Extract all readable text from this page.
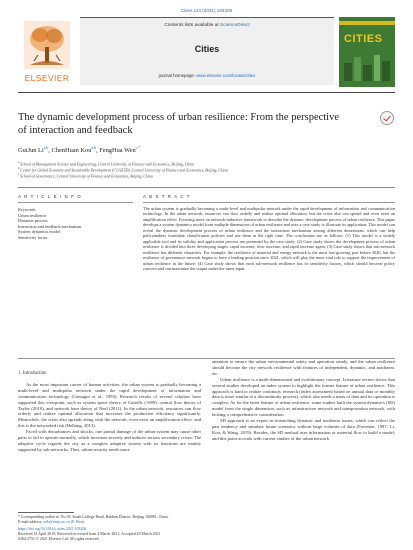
Cities 114 (2021) 103206
ELSEVIER
Contents lists available at ScienceDirect
Cities
journal homepage: www.elsevier.com/locate/cities
CITIES
The dynamic development process of urban resilience: From the perspective of interaction and feedback
GuiJun Li$^{a,b}$, ChenHuan Kou$^{a,b}$, FengHua Wen$^{c,*}$
$^a$ School of Management Science and Engineering, Central University of Finance and Economics, Beijing, China
$^b$ Center for Global Economy and Sustainable Development (CCGESD), Central University of Finance and Economics, Beijing, China
$^c$ School of Governance, Central University of Finance and Economics, Beijing, China
A R T I C L E I N F O	A B S T R A C T
Keywords:
Urban resilience
Dynamic process
Interaction and feedback mechanism
System dynamics model
Sensitivity factor
The urban system is gradually becoming a multi-level and multipolar network under the rapid development of information and communication technology. In the urban network, resources can flow orderly and realize optimal allocation, but the crisis also can spread and even exert an amplification effect. Focusing more on network-inductive framework to describe the dynamic development process of urban resilience. This paper develops a system dynamics model from multiple dimensions of urban resilience and uses a case study to illustrate its application. This model can reveal the dynamic development process of urban resilience and the interaction mechanism among different dimensions, which can help policymakers formulate classification policies and use them at the right time. The conclusions are as follows: (1) This model is a widely applicable tool and its validity and application process are presented by the case study; (2) Case study shows the development process of urban resilience is divided into three developing stages: rapid increase, slow increase, and rapid increase again; (3) Case study shows that sub-network resilience has different characters. For example, the resilience of material and energy network is the most fast-growing part before 2020, but the resilience of governance network begins to have a leading position since 2021, which will play the most vital role to support the improvement of urban resilience in the future; (4) Case study shows that each sub-network resilience has its sensitivity factors, which should become policy concern and can maximize the output under the same input.
1. Introduction

As the most important carrier of human activities, the urban system is gradually becoming a multi-level and multipolar network under the rapid development of information and communication technology (Camagni et al., 1993). Research results of several scholars have supported this viewpoint, such as system space theory of Castells (1989), central flow theory of Taylor (2010), and network base theory of Neal (2011). In the urban network, resources can flow orderly and realize optimal allocation that increases the production efficiency significantly. Meanwhile, the crisis also spreads along with the network, even exert an amplification effect, and this is the networked risk (Helbing, 2013).

Faced with disturbances and shocks, one partial damage of the urban system may cause other parts to fail to operate normally, which increases severity and induces serious secondary crises. The adaptive cycle regards the city as a complex adaptive system with its functions are mainly supported by sub-networks. Thus, urban security needs more

attention to ensure the urban environmental safety and operation steady, and the urban resilience should become the city network resilience with features of independent, dynamic, and nonlinear, etc.

Urban resilience is a multi-dimensional and evolutionary concept. Literature review shows that several studies developed an index system to highlight the former feature of urban resilience. This approach is hard to realize continuity research (index assessment based on annual data or monthly data is more similar to a discontinuity process), which also needs a mass of data and its operation is complex; As for the latter feature of urban resilience, some studies built the system dynamics (SD) model from the single dimension, such as infrastructure network and transportation network, with lacking a comprehensive consideration.

SD approach is an expert in researching dynamic and nonlinear issues, which can reflect the past tendency and simulate future scenarios without large volumes of data (Forrester, 1987; Li, Kou, & Wang, 2019). Besides, the SD method uses information or material flow to build a model, and this point accords with current studies of the urban network

* Corresponding author at: No 39, South College Road, Haidian District, Beijing 100081, China.
E-mail address: wfh@amss.ac.cn (F. Wen).
https://doi.org/10.1016/j.cities.2021.103206
Received 14 April 2019; Received in revised form 4 March 2021; Accepted 29 March 2021
0264-2751/© 2021 Elsevier Ltd. All rights reserved.
